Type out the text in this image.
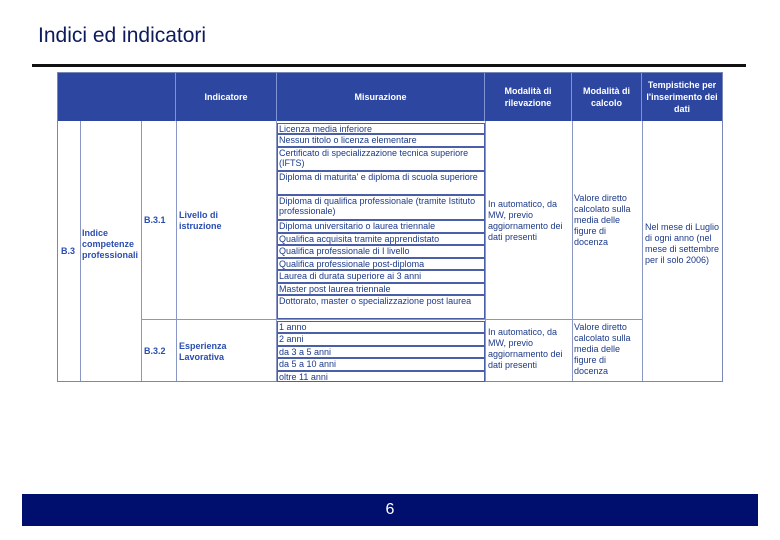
Indici ed indicatori
Indicatore	Misurazione
Modalità di rilevazione
Modalità di calcolo
Tempistiche per l'inserimento dei dati
B.3
Indice competenze professionali
B.3.1 Livello di istruzione
In automatico, da MW, previo aggiornamento dei dati presenti
Valore diretto calcolato sulla media delle figure di docenza
Licenza media inferiore
Nessun titolo o licenza elementare
Certificato di specializzazione tecnica superiore (IFTS)
Diploma di maturita' e diploma di scuola superiore
Diploma di qualifica professionale (tramite Istituto professionale)
Diploma universitario o laurea triennale
Qualifica acquisita tramite apprendistato
Qualifica professionale di I livello
Qualifica professionale post-diploma
Laurea di durata superiore ai 3 anni
Master post laurea triennale
Dottorato, master o specializzazione post laurea
B.3.2 Esperienza Lavorativa
In automatico, da MW, previo aggiornamento dei dati presenti
Valore diretto calcolato sulla media delle figure di docenza
1 anno
2 anni
da 3 a 5 anni
da 5 a 10 anni
oltre 11 anni
Nel mese di Luglio di ogni anno (nel mese di settembre per il solo 2006)
6
